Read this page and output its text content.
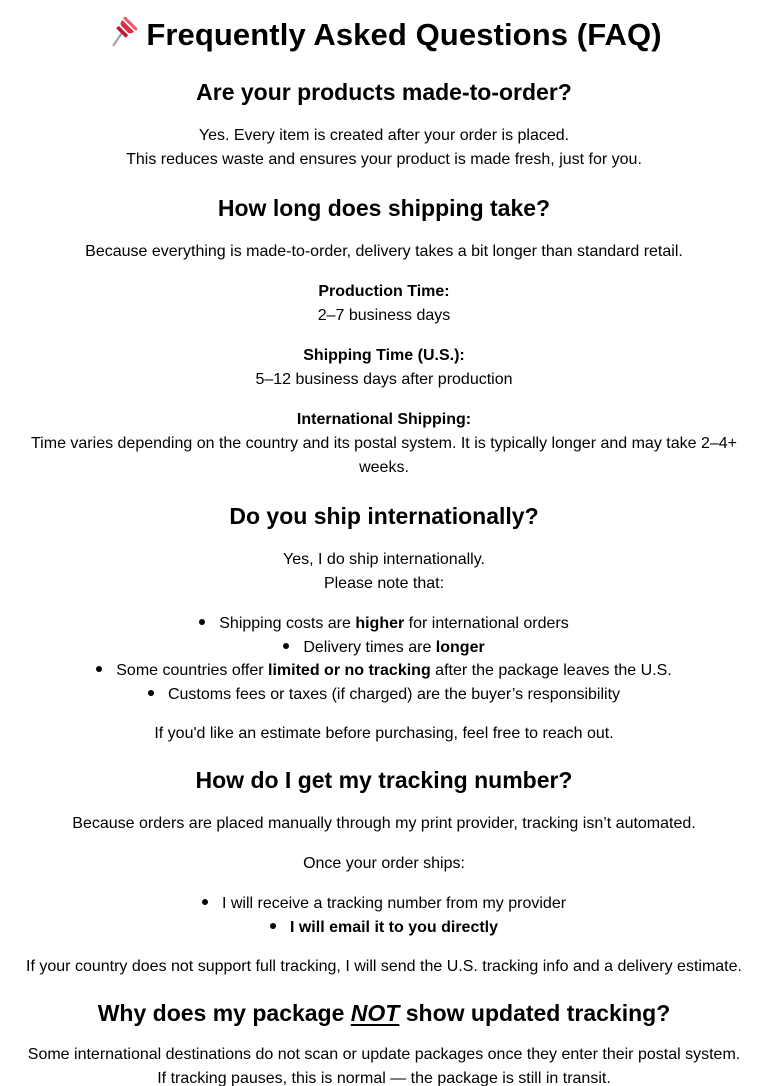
Frequently Asked Questions (FAQ)
Are your products made-to-order?

Yes. Every item is created after your order is placed.

This reduces waste and ensures your product is made fresh, just for you.

How long does shipping take?

Because everything is made-to-order, delivery takes a bit longer than standard retail.

Production Time:

2–7 business days

Shipping Time (U.S.):

5–12 business days after production

International Shipping:

Time varies depending on the country and its postal system. It is typically longer and may take 2–4+ weeks.

Do you ship internationally?

Yes, I do ship internationally.

Please note that:

Shipping costs are higher for international orders
Delivery times are longer
Some countries offer limited or no tracking after the package leaves the U.S.
Customs fees or taxes (if charged) are the buyer’s responsibility

If you'd like an estimate before purchasing, feel free to reach out.

How do I get my tracking number?

Because orders are placed manually through my print provider, tracking isn’t automated.

Once your order ships:

I will receive a tracking number from my provider
I will email it to you directly

If your country does not support full tracking, I will send the U.S. tracking info and a delivery estimate.

Why does my package NOT show updated tracking?

Some international destinations do not scan or update packages once they enter their postal system.

If tracking pauses, this is normal — the package is still in transit.
